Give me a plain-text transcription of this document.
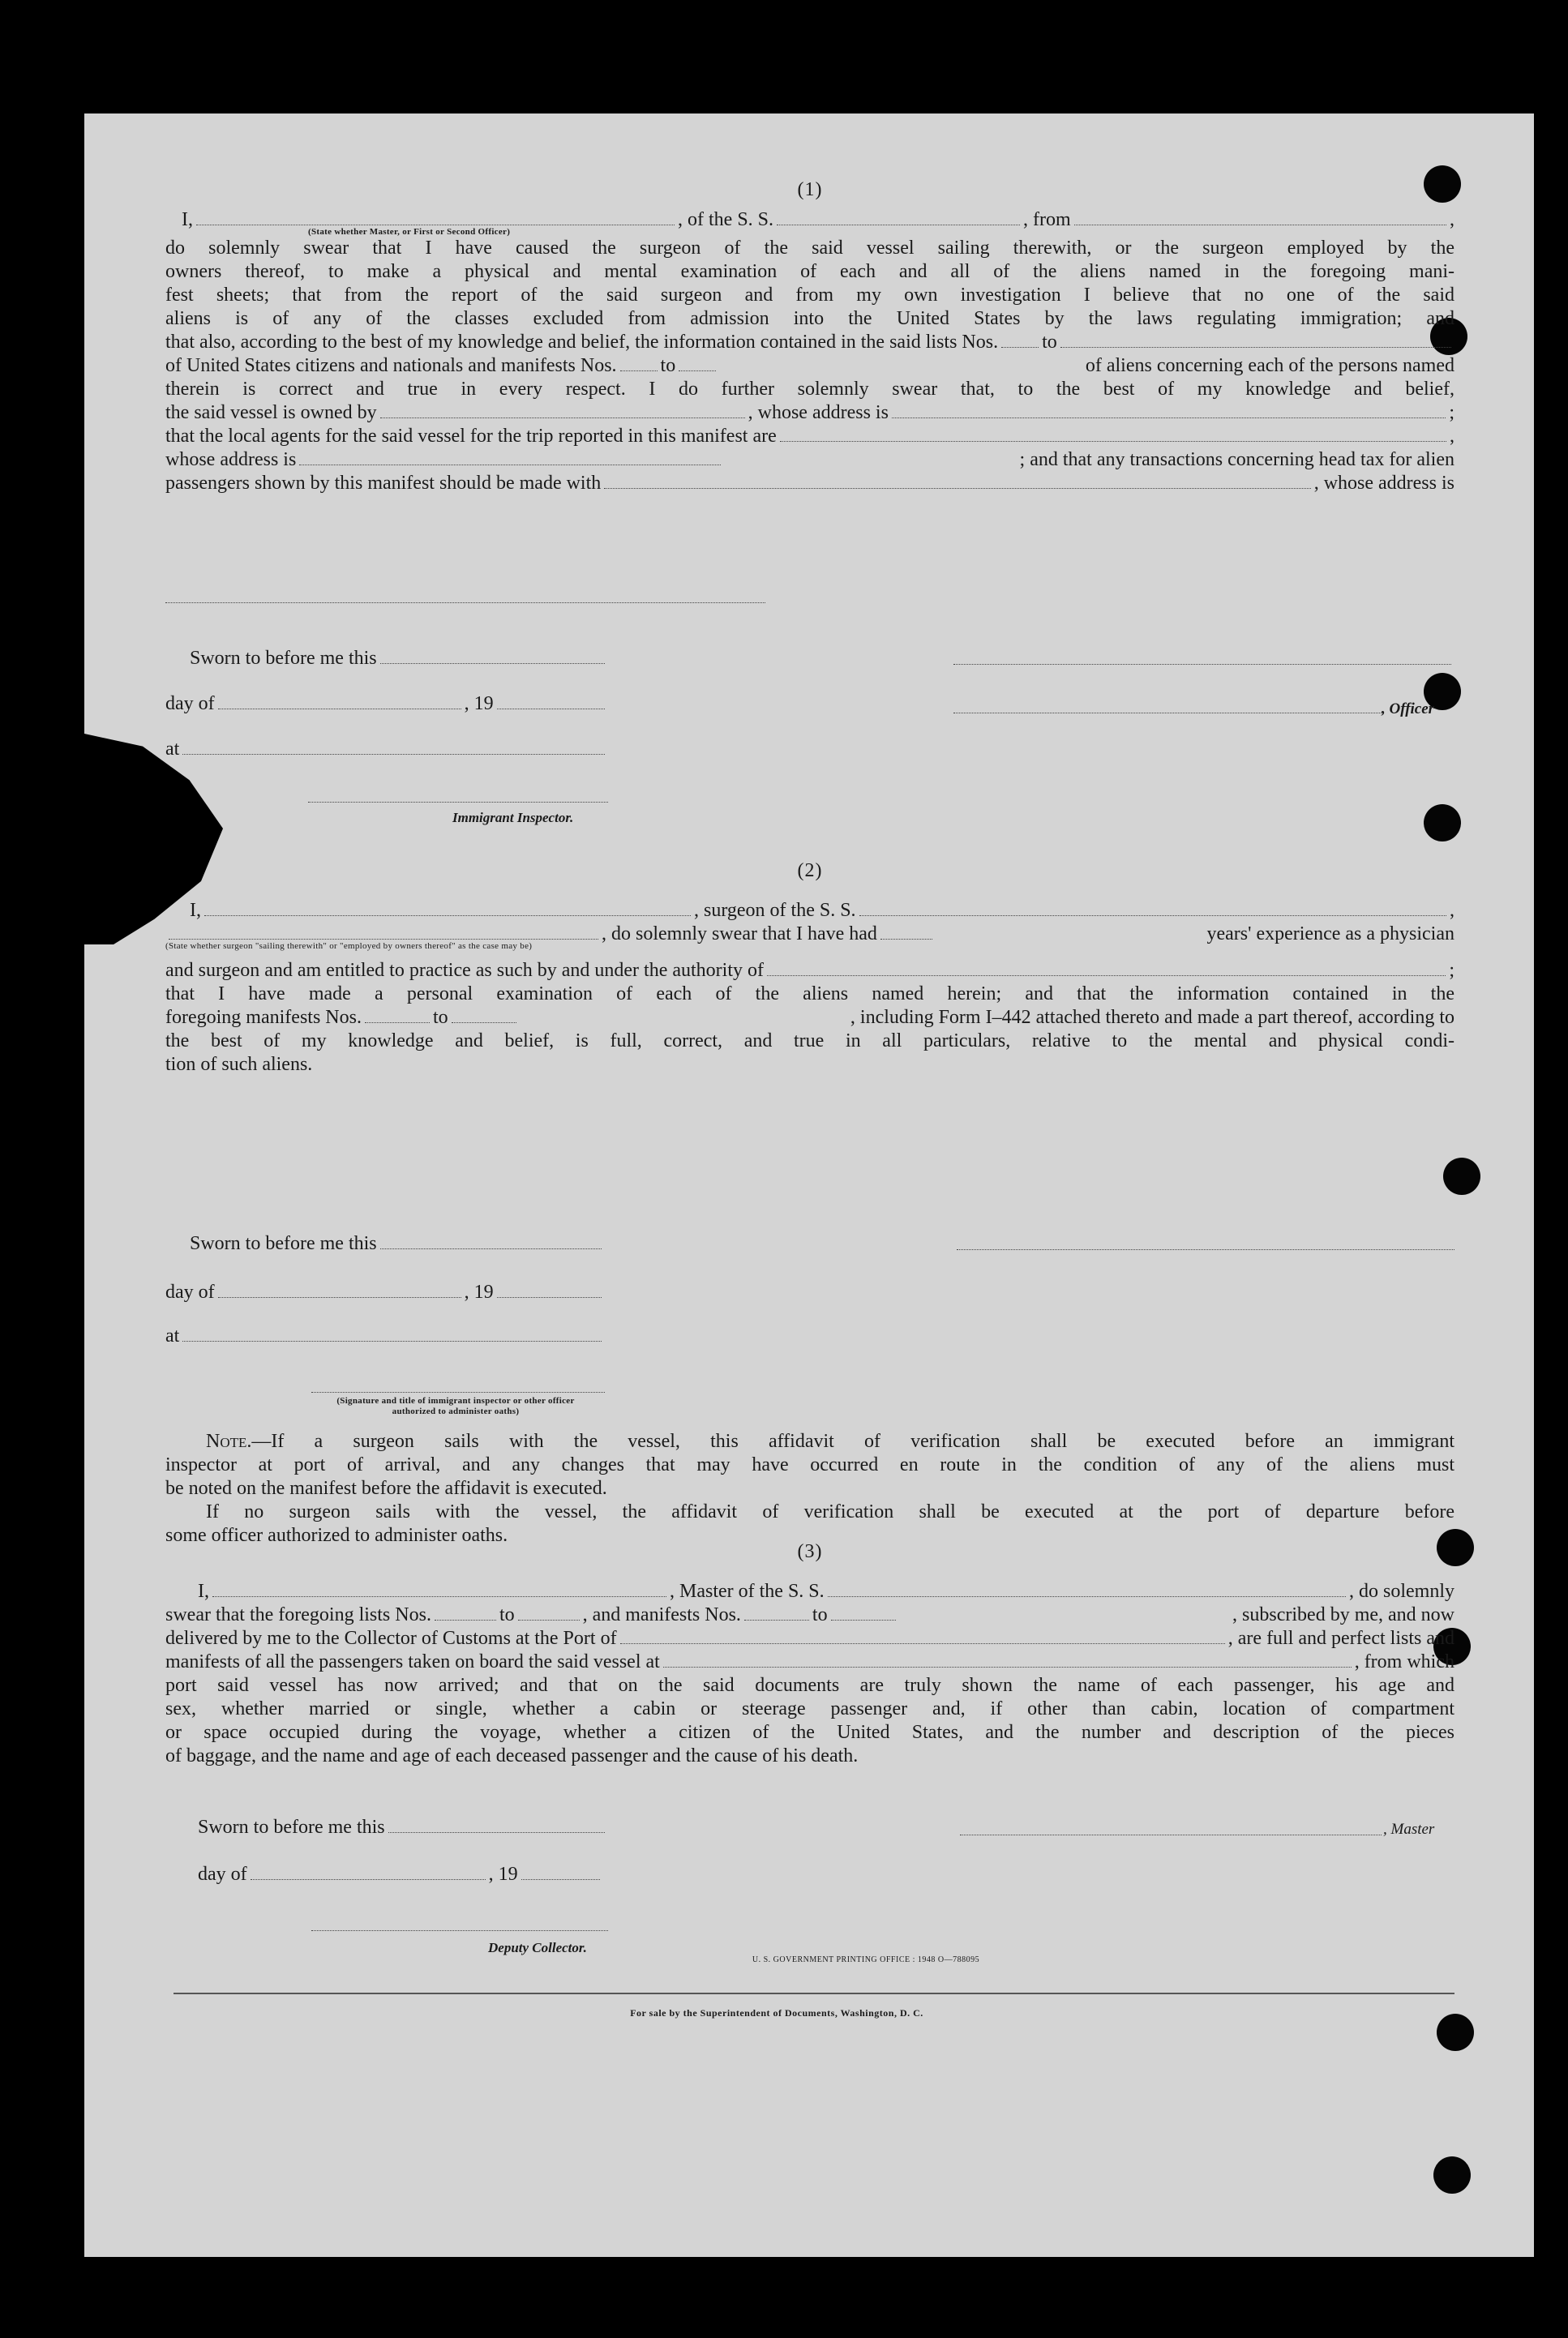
(1)
I,	, of the S. S.	, from	,
(State whether Master, or First or Second Officer)
do solemnly swear that I have caused the surgeon of the said vessel sailing therewith, or the surgeon employed by the
owners thereof, to make a physical and mental examination of each and all of the aliens named in the foregoing mani-
fest sheets; that from the report of the said surgeon and from my own investigation I believe that no one of the said
aliens is of any of the classes excluded from admission into the United States by the laws regulating immigration; and
that also, according to the best of my knowledge and belief, the information contained in the said lists Nos. to
of United States citizens and nationals and manifests Nos. to	of aliens concerning each of the persons named
therein is correct and true in every respect. I do further solemnly swear that, to the best of my knowledge and belief,
the said vessel is owned by	, whose address is	;
that the local agents for the said vessel for the trip reported in this manifest are	,
whose address is	; and that any transactions concerning head tax for alien
passengers shown by this manifest should be made with	, whose address is
Sworn to before me this
day of	, 19
at
Immigrant Inspector.
, Officer
(2)
I,	, surgeon of the S. S.	,
, do solemnly swear that I have had	years' experience as a physician
(State whether surgeon "sailing therewith" or "employed by owners thereof" as the case may be)
and surgeon and am entitled to practice as such by and under the authority of	;
that I have made a personal examination of each of the aliens named herein; and that the information contained in the
foregoing manifests Nos.	to	, including Form I–442 attached thereto and made a part thereof, according to
the best of my knowledge and belief, is full, correct, and true in all particulars, relative to the mental and physical condi-
tion of such aliens.
Sworn to before me this
day of	, 19
at
(Signature and title of immigrant inspector or other officer authorized to administer oaths)
Note.—If a surgeon sails with the vessel, this affidavit of verification shall be executed before an immigrant
inspector at port of arrival, and any changes that may have occurred en route in the condition of any of the aliens must
be noted on the manifest before the affidavit is executed.
If no surgeon sails with the vessel, the affidavit of verification shall be executed at the port of departure before
some officer authorized to administer oaths.
(3)
I,	, Master of the S. S.	, do solemnly
swear that the foregoing lists Nos.	to	, and manifests Nos.	to	, subscribed by me, and now
delivered by me to the Collector of Customs at the Port of	, are full and perfect lists and
manifests of all the passengers taken on board the said vessel at	, from which
port said vessel has now arrived; and that on the said documents are truly shown the name of each passenger, his age and
sex, whether married or single, whether a cabin or steerage passenger and, if other than cabin, location of compartment
or space occupied during the voyage, whether a citizen of the United States, and the number and description of the pieces
of baggage, and the name and age of each deceased passenger and the cause of his death.
Sworn to before me this	, Master
day of	, 19
Deputy Collector.
U. S. GOVERNMENT PRINTING OFFICE : 1948 O—788095
For sale by the Superintendent of Documents, Washington, D. C.
